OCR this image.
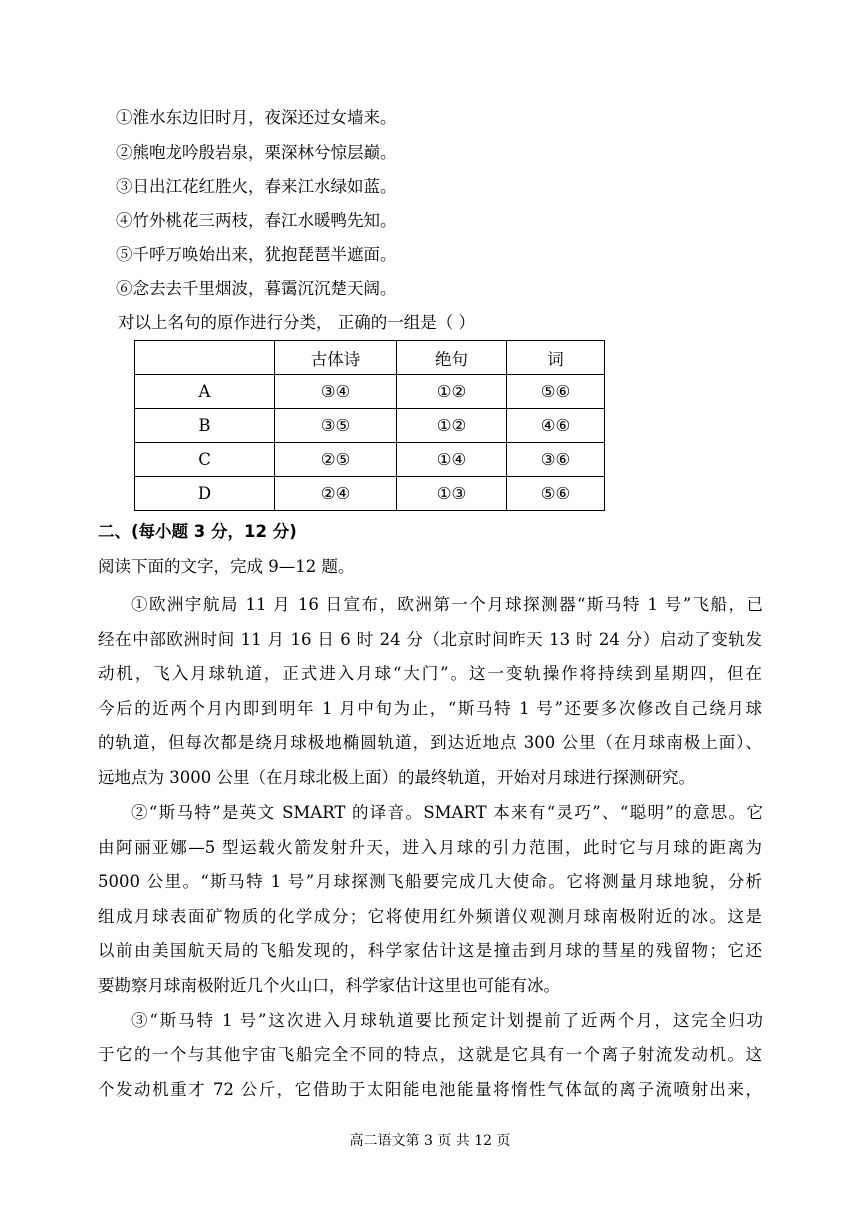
①淮水东边旧时月，夜深还过女墙来。
②熊咆龙吟殷岩泉，栗深林兮惊层巅。
③日出江花红胜火，春来江水绿如蓝。
④竹外桃花三两枝，春江水暖鸭先知。
⑤千呼万唤始出来，犹抱琵琶半遮面。
⑥念去去千里烟波，暮霭沉沉楚天阔。
对以上名句的原作进行分类， 正确的一组是（ ）
	古体诗	绝句	词
A	③④	①②	⑤⑥
B	③⑤	①②	④⑥
C	②⑤	①④	③⑥
D	②④	①③	⑤⑥
二、(每小题 3 分，12 分)
阅读下面的文字，完成 9—12 题。
①欧洲宇航局 11 月 16 日宣布，欧洲第一个月球探测器“斯马特 1 号”飞船，已
经在中部欧洲时间 11 月 16 日 6 时 24 分（北京时间昨天 13 时 24 分）启动了变轨发
动机，飞入月球轨道，正式进入月球“大门”。这一变轨操作将持续到星期四，但在
今后的近两个月内即到明年 1 月中旬为止，“斯马特 1 号”还要多次修改自己绕月球
的轨道，但每次都是绕月球极地椭圆轨道，到达近地点 300 公里（在月球南极上面）、
远地点为 3000 公里（在月球北极上面）的最终轨道，开始对月球进行探测研究。
②“斯马特”是英文 SMART 的译音。SMART 本来有“灵巧”、“聪明”的意思。它
由阿丽亚娜—5 型运载火箭发射升天，进入月球的引力范围，此时它与月球的距离为
5000 公里。“斯马特 1 号”月球探测飞船要完成几大使命。它将测量月球地貌，分析
组成月球表面矿物质的化学成分；它将使用红外频谱仪观测月球南极附近的冰。这是
以前由美国航天局的飞船发现的，科学家估计这是撞击到月球的彗星的残留物；它还
要勘察月球南极附近几个火山口，科学家估计这里也可能有冰。
③“斯马特 1 号”这次进入月球轨道要比预定计划提前了近两个月，这完全归功
于它的一个与其他宇宙飞船完全不同的特点，这就是它具有一个离子射流发动机。这
个发动机重才 72 公斤，它借助于太阳能电池能量将惰性气体氙的离子流喷射出来，
高二语文第 3 页 共 12 页
